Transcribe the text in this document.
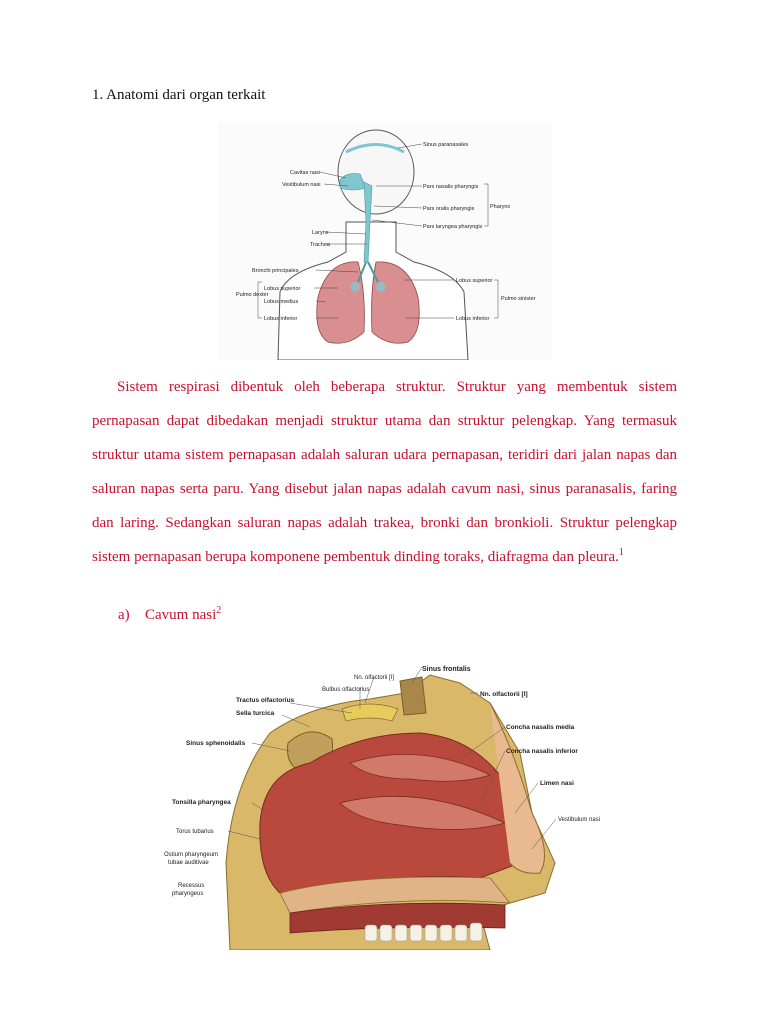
1. Anatomi dari organ terkait
Sinus paranasales
Cavitas nasi
Vestibulum nasi	Pars nasalis pharyngis
Pars oralis pharyngis
Pars laryngea pharyngis
Pharynx
Larynx
Trachea
Bronchi principales
Lobus superior
Lobus medius
Lobus inferior
Pulmo dexter
Lobus superior
Lobus inferior
Pulmo sinister

Sistem respirasi dibentuk oleh beberapa struktur. Struktur yang membentuk sistem pernapasan dapat dibedakan menjadi struktur utama dan struktur pelengkap. Yang termasuk struktur utama sistem pernapasan adalah saluran udara pernapasan, teridiri dari jalan napas dan saluran napas serta paru. Yang disebut jalan napas adalah cavum nasi, sinus paranasalis, faring dan laring. Sedangkan saluran napas adalah trakea, bronki dan bronkioli. Struktur pelengkap sistem pernapasan berupa komponene pembentuk dinding toraks, diafragma dan pleura.$^1$

a) Cavum nasi$^2$
Sinus frontalis
Nn. olfactorii [I]
Bulbus olfactorius
Tractus olfactorius
Sella turcica
Nn. olfactorii [I]
Concha nasalis media
Concha nasalis inferior
Sinus sphenoidalis
Limen nasi
Tonsilla pharyngea
Vestibulum nasi
Torus tubarius
Ostium pharyngeum
tubae auditivae
Recessus
pharyngeus
